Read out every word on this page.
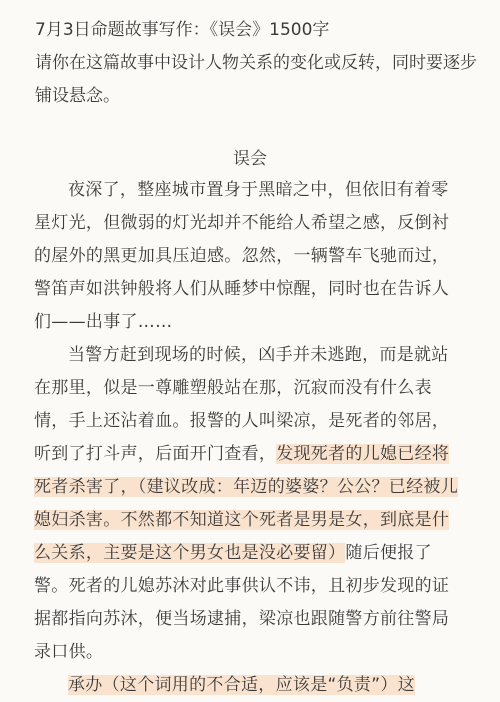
7月3日命题故事写作：《误会》1500字

请你在这篇故事中设计人物关系的变化或反转，同时要逐步铺设悬念。

误会

夜深了，整座城市置身于黑暗之中，但依旧有着零星灯光，但微弱的灯光却并不能给人希望之感，反倒衬的屋外的黑更加具压迫感。忽然，一辆警车飞驰而过，警笛声如洪钟般将人们从睡梦中惊醒，同时也在告诉人们——出事了……

当警方赶到现场的时候，凶手并未逃跑，而是就站在那里，似是一尊雕塑般站在那，沉寂而没有什么表情，手上还沾着血。报警的人叫梁凉，是死者的邻居，听到了打斗声，后面开门查看，发现死者的儿媳已经将死者杀害了，（建议改成：年迈的婆婆？公公？已经被儿媳妇杀害。不然都不知道这个死者是男是女，到底是什么关系，主要是这个男女也是没必要留）随后便报了警。死者的儿媳苏沐对此事供认不讳，且初步发现的证据都指向苏沐，便当场逮捕，梁凉也跟随警方前往警局录口供。

承办（这个词用的不合适，应该是“负责”）这
